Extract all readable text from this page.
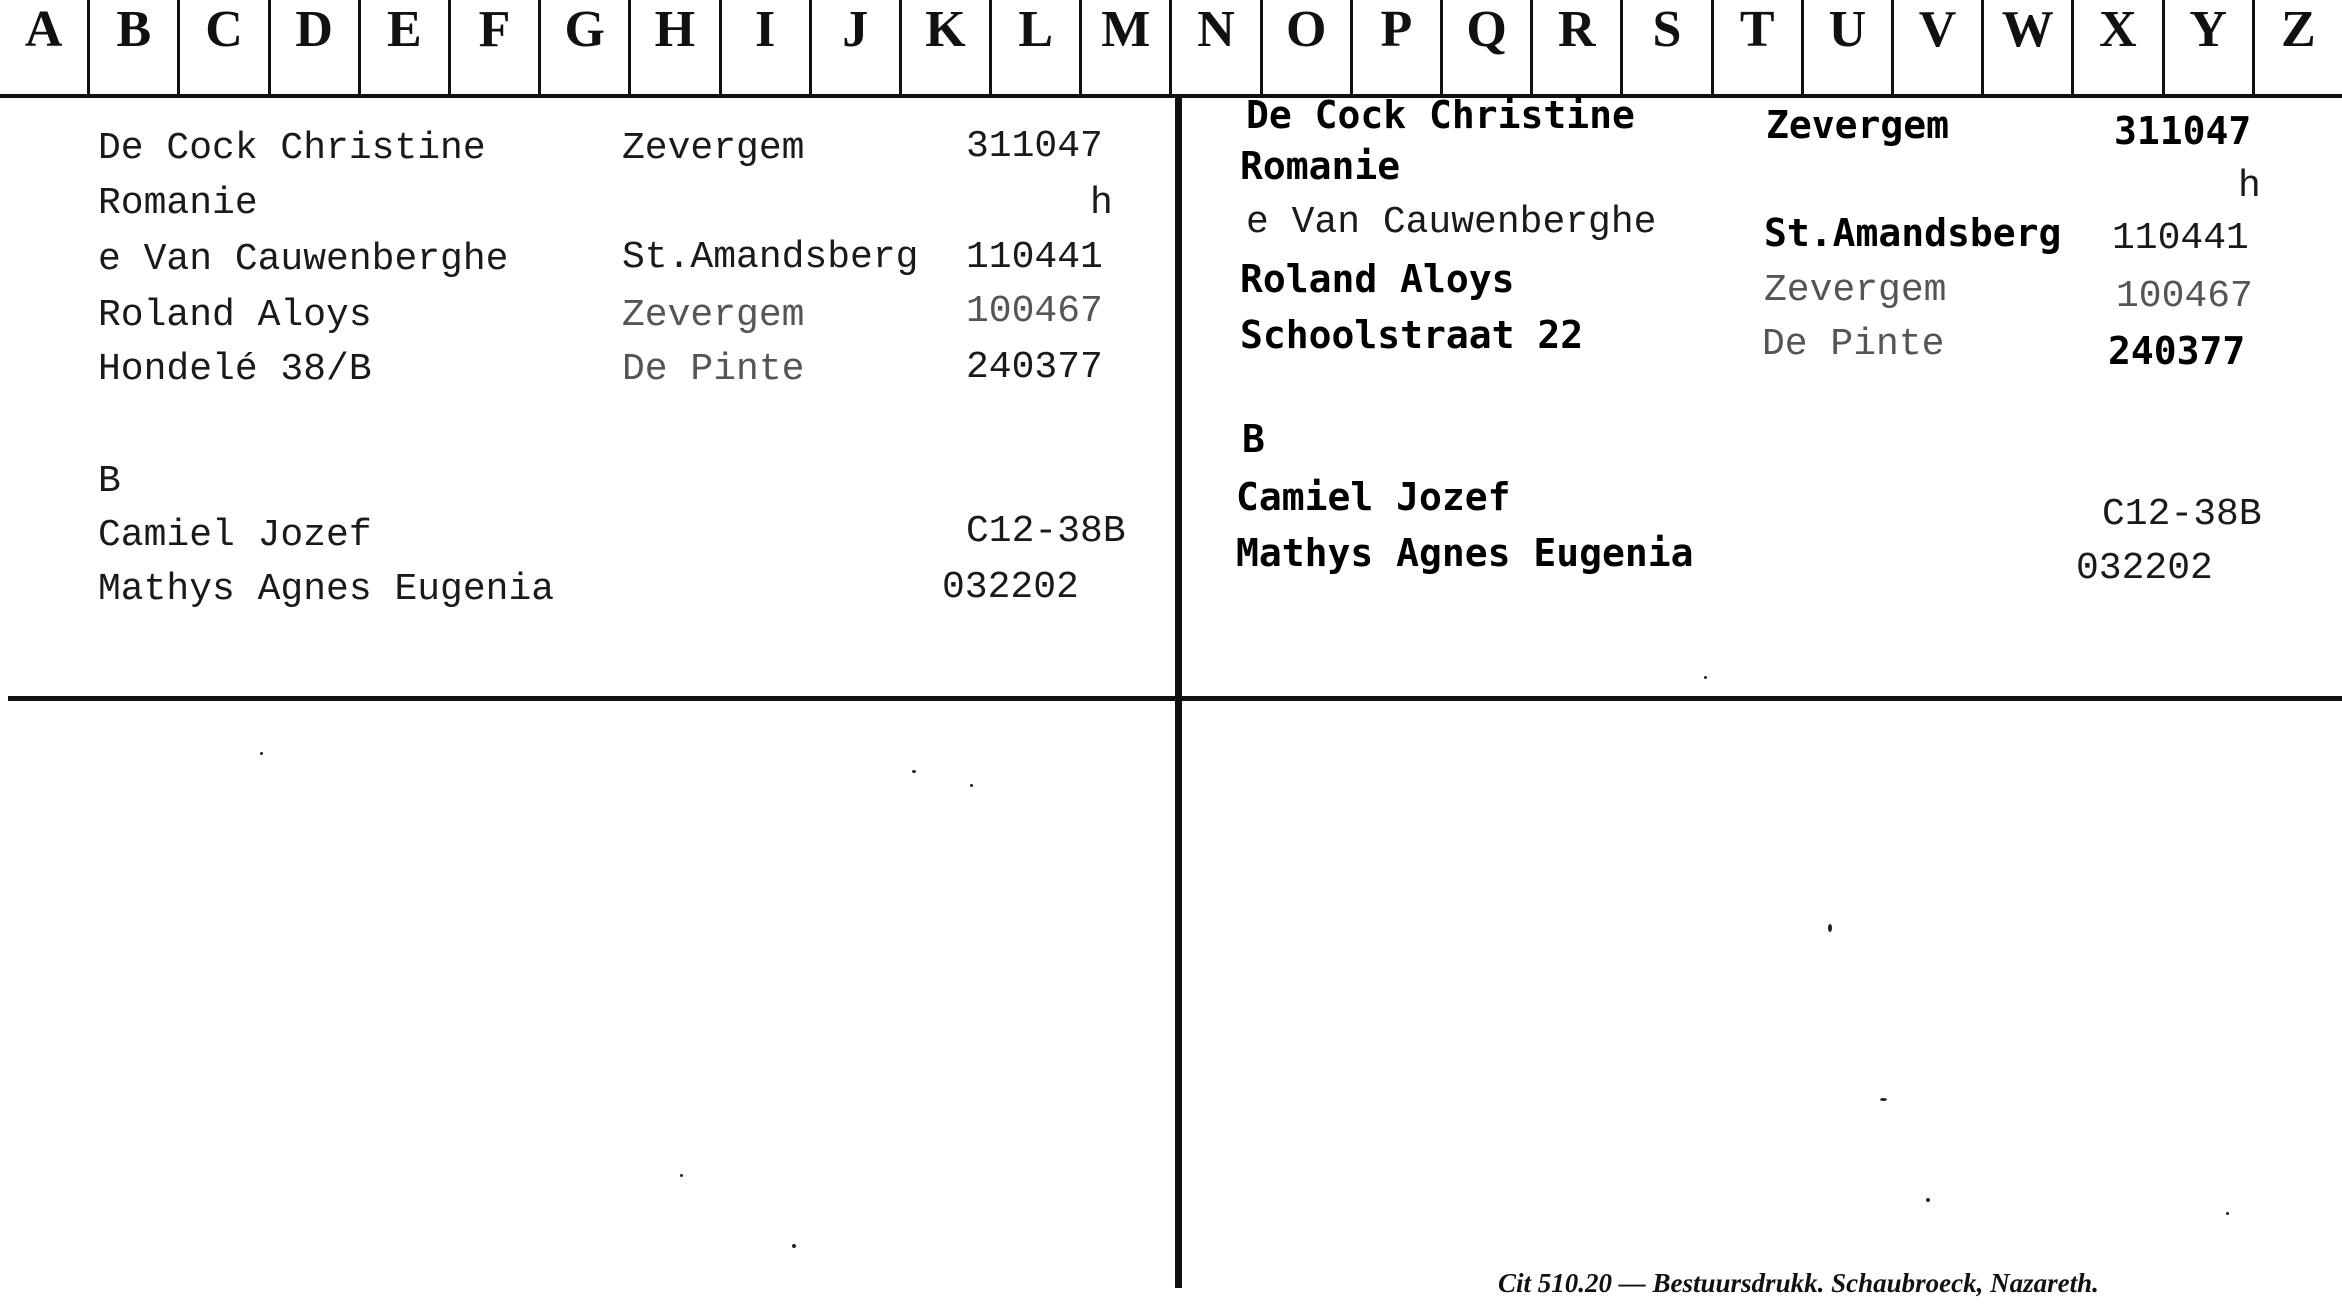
A	B	C	D	E	F	G H	I	J	K	L M N O	P	Q R	S	T	U	V W X	Y	Z
De Cock Christine	Zevergem	311047
Romanie	h
e Van Cauwenberghe	St.Amandsberg 110441
Roland Aloys	Zevergem	100467
Hondelé 38/B	De Pinte	240377
B
Camiel Jozef	C12-38B
Mathys Agnes Eugenia	032202
De Cock Christine	Zevergem	311047
Romanie	h
e Van Cauwenberghe	St.Amandsberg 110441
Roland Aloys	Zevergem	100467
Schoolstraat 22	De Pinte	240377
B
Camiel Jozef	C12-38B
Mathys Agnes Eugenia	032202
Cit 510.20 — Bestuursdrukk. Schaubroeck, Nazareth.
